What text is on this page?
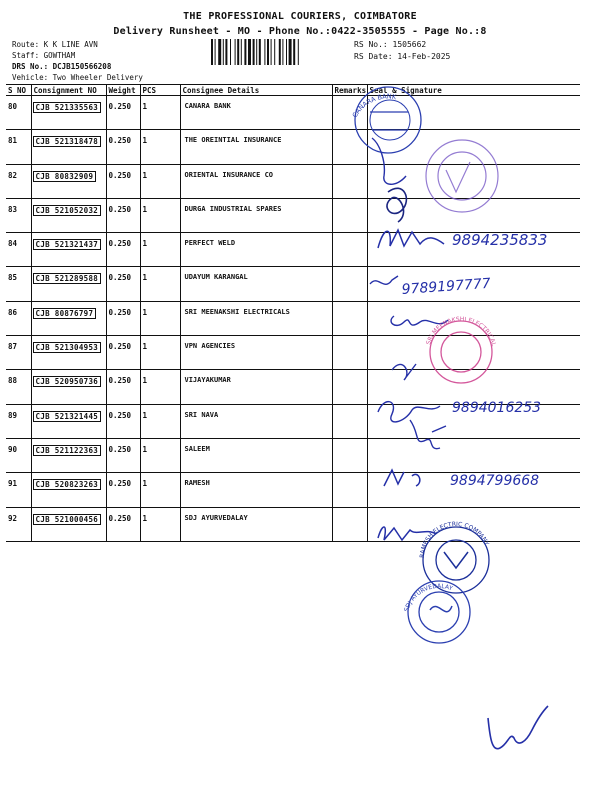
THE PROFESSIONAL COURIERS, COIMBATORE
Delivery Runsheet - MO - Phone No.:0422-3505555 - Page No.:8
Route: K K LINE AVN
Staff: GOWTHAM
DRS No.: DCJB150566208
Vehicle: Two Wheeler Delivery
RS No.: 1505662
RS Date: 14-Feb-2025
S NO	Consignment NO	Weight	PCS	Consignee Details	Remarks	Seal & Signature
80	CJB 521335563	0.250	1	CANARA BANK		
81	CJB 521318478	0.250	1	THE OREINTIAL INSURANCE		
82	CJB 80832909	0.250	1	ORIENTAL INSURANCE CO		
83	CJB 521052032	0.250	1	DURGA INDUSTRIAL SPARES		
84	CJB 521321437	0.250	1	PERFECT WELD		
85	CJB 521289588	0.250	1	UDAYUM KARANGAL		
86	CJB 80876797	0.250	1	SRI MEENAKSHI ELECTRICALS		
87	CJB 521304953	0.250	1	VPN AGENCIES		
88	CJB 520950736	0.250	1	VIJAYAKUMAR		
89	CJB 521321445	0.250	1	SRI NAVA		
90	CJB 521122363	0.250	1	SALEEM		
91	CJB 520823263	0.250	1	RAMESH		
92	CJB 521000456	0.250	1	SDJ AYURVEDALAY		
CANARA BANK
9894235833
9789197777
SRI MEENAKSHI ELECTRICAL
9894016253
9894799668
RAMESH ELECTRIC COMPANY
SDJ AYURVEDALAY
